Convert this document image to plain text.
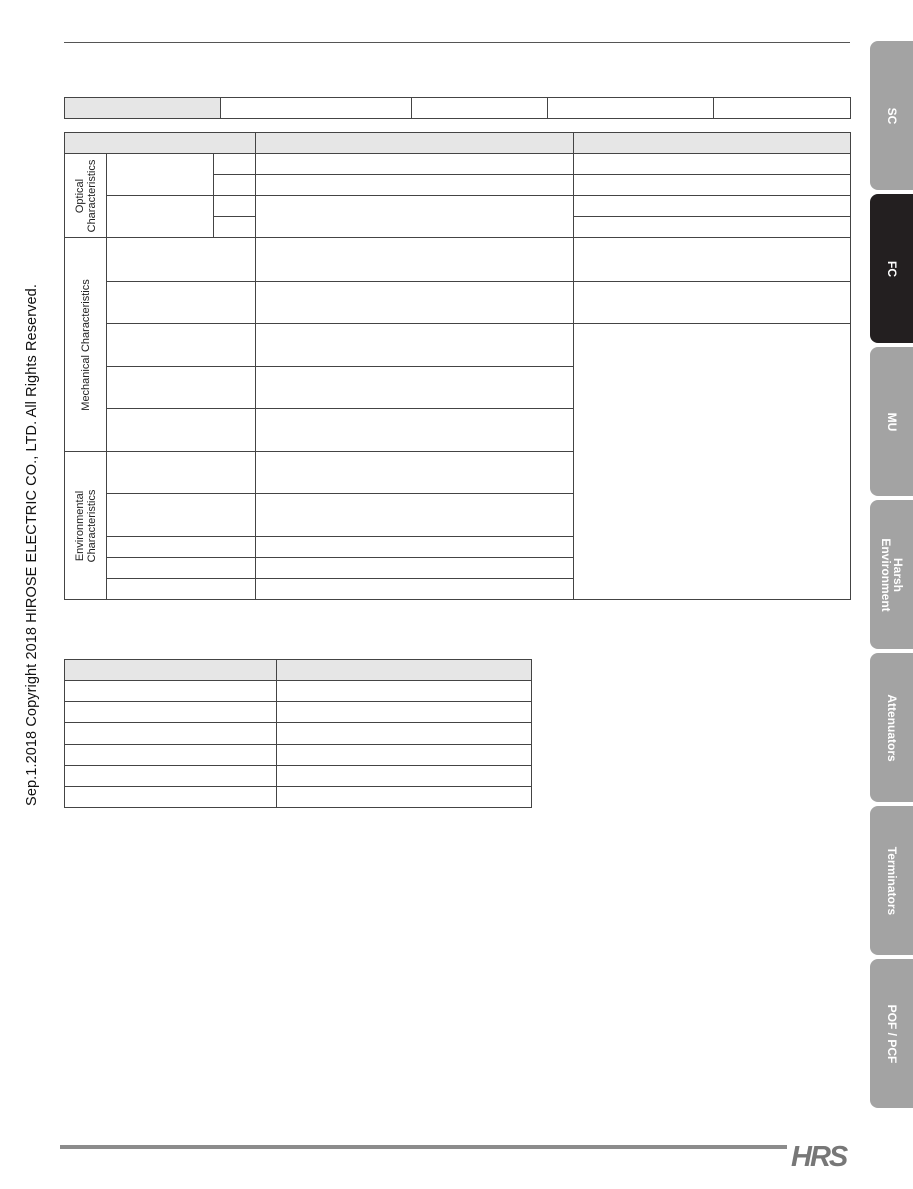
Sep.1.2018 Copyright 2018 HIROSE ELECTRIC CO., LTD. All Rights Reserved.

Optical
Characteristics					

Mechanical Characteristics					

Environmental
Characteristics					

SC
FC
MU
Harsh
Environment
Attenuators
Terminators
POF / PCF
HRS
